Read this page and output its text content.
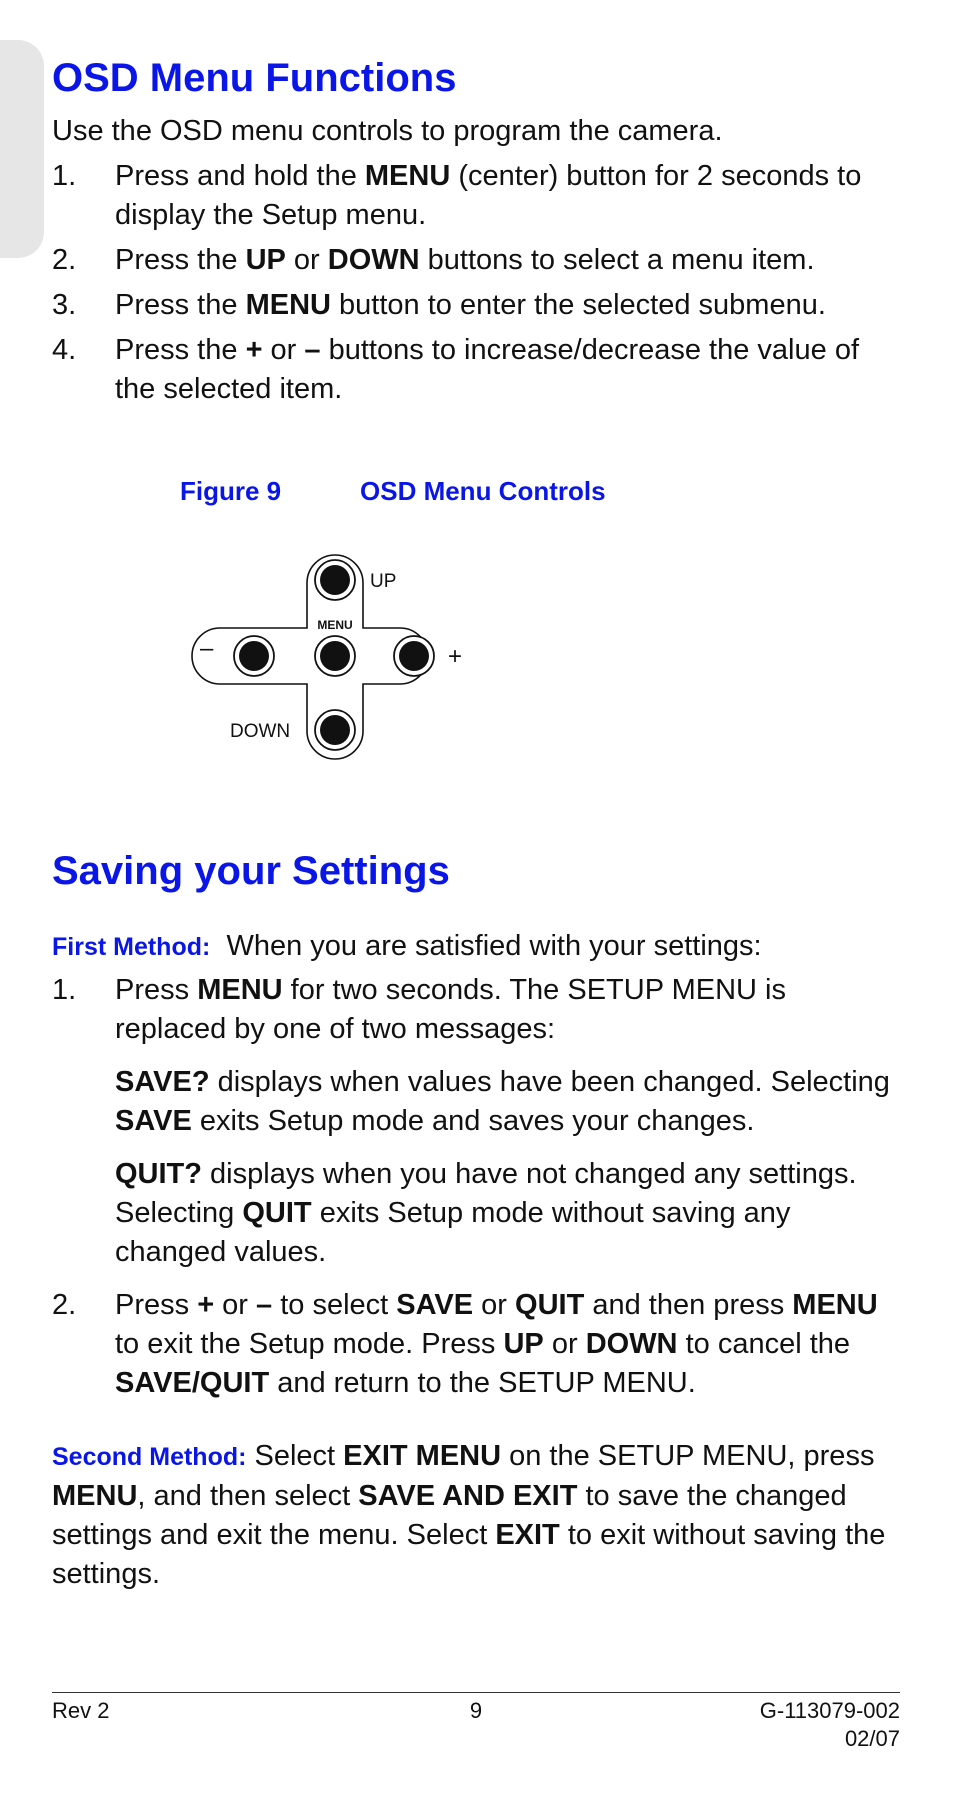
OSD Menu Functions

Use the OSD menu controls to program the camera.

1. Press and hold the MENU (center) button for 2 seconds to display the Setup menu.
2. Press the UP or DOWN buttons to select a menu item.
3. Press the MENU button to enter the selected submenu.
4. Press the + or – buttons to increase/decrease the value of the selected item.
Figure 9	OSD Menu Controls
UP
MENU
–	+
DOWN
Saving your Settings

First Method: When you are satisfied with your settings:

1. Press MENU for two seconds. The SETUP MENU is replaced by one of two messages:

SAVE? displays when values have been changed. Selecting SAVE exits Setup mode and saves your changes.

QUIT? displays when you have not changed any settings. Selecting QUIT exits Setup mode without saving any changed values.

2. Press + or – to select SAVE or QUIT and then press MENU to exit the Setup mode. Press UP or DOWN to cancel the SAVE/QUIT and return to the SETUP MENU.

Second Method: Select EXIT MENU on the SETUP MENU, press MENU, and then select SAVE AND EXIT to save the changed settings and exit the menu. Select EXIT to exit without saving the settings.

Rev 2	9	G-113079-002
02/07
